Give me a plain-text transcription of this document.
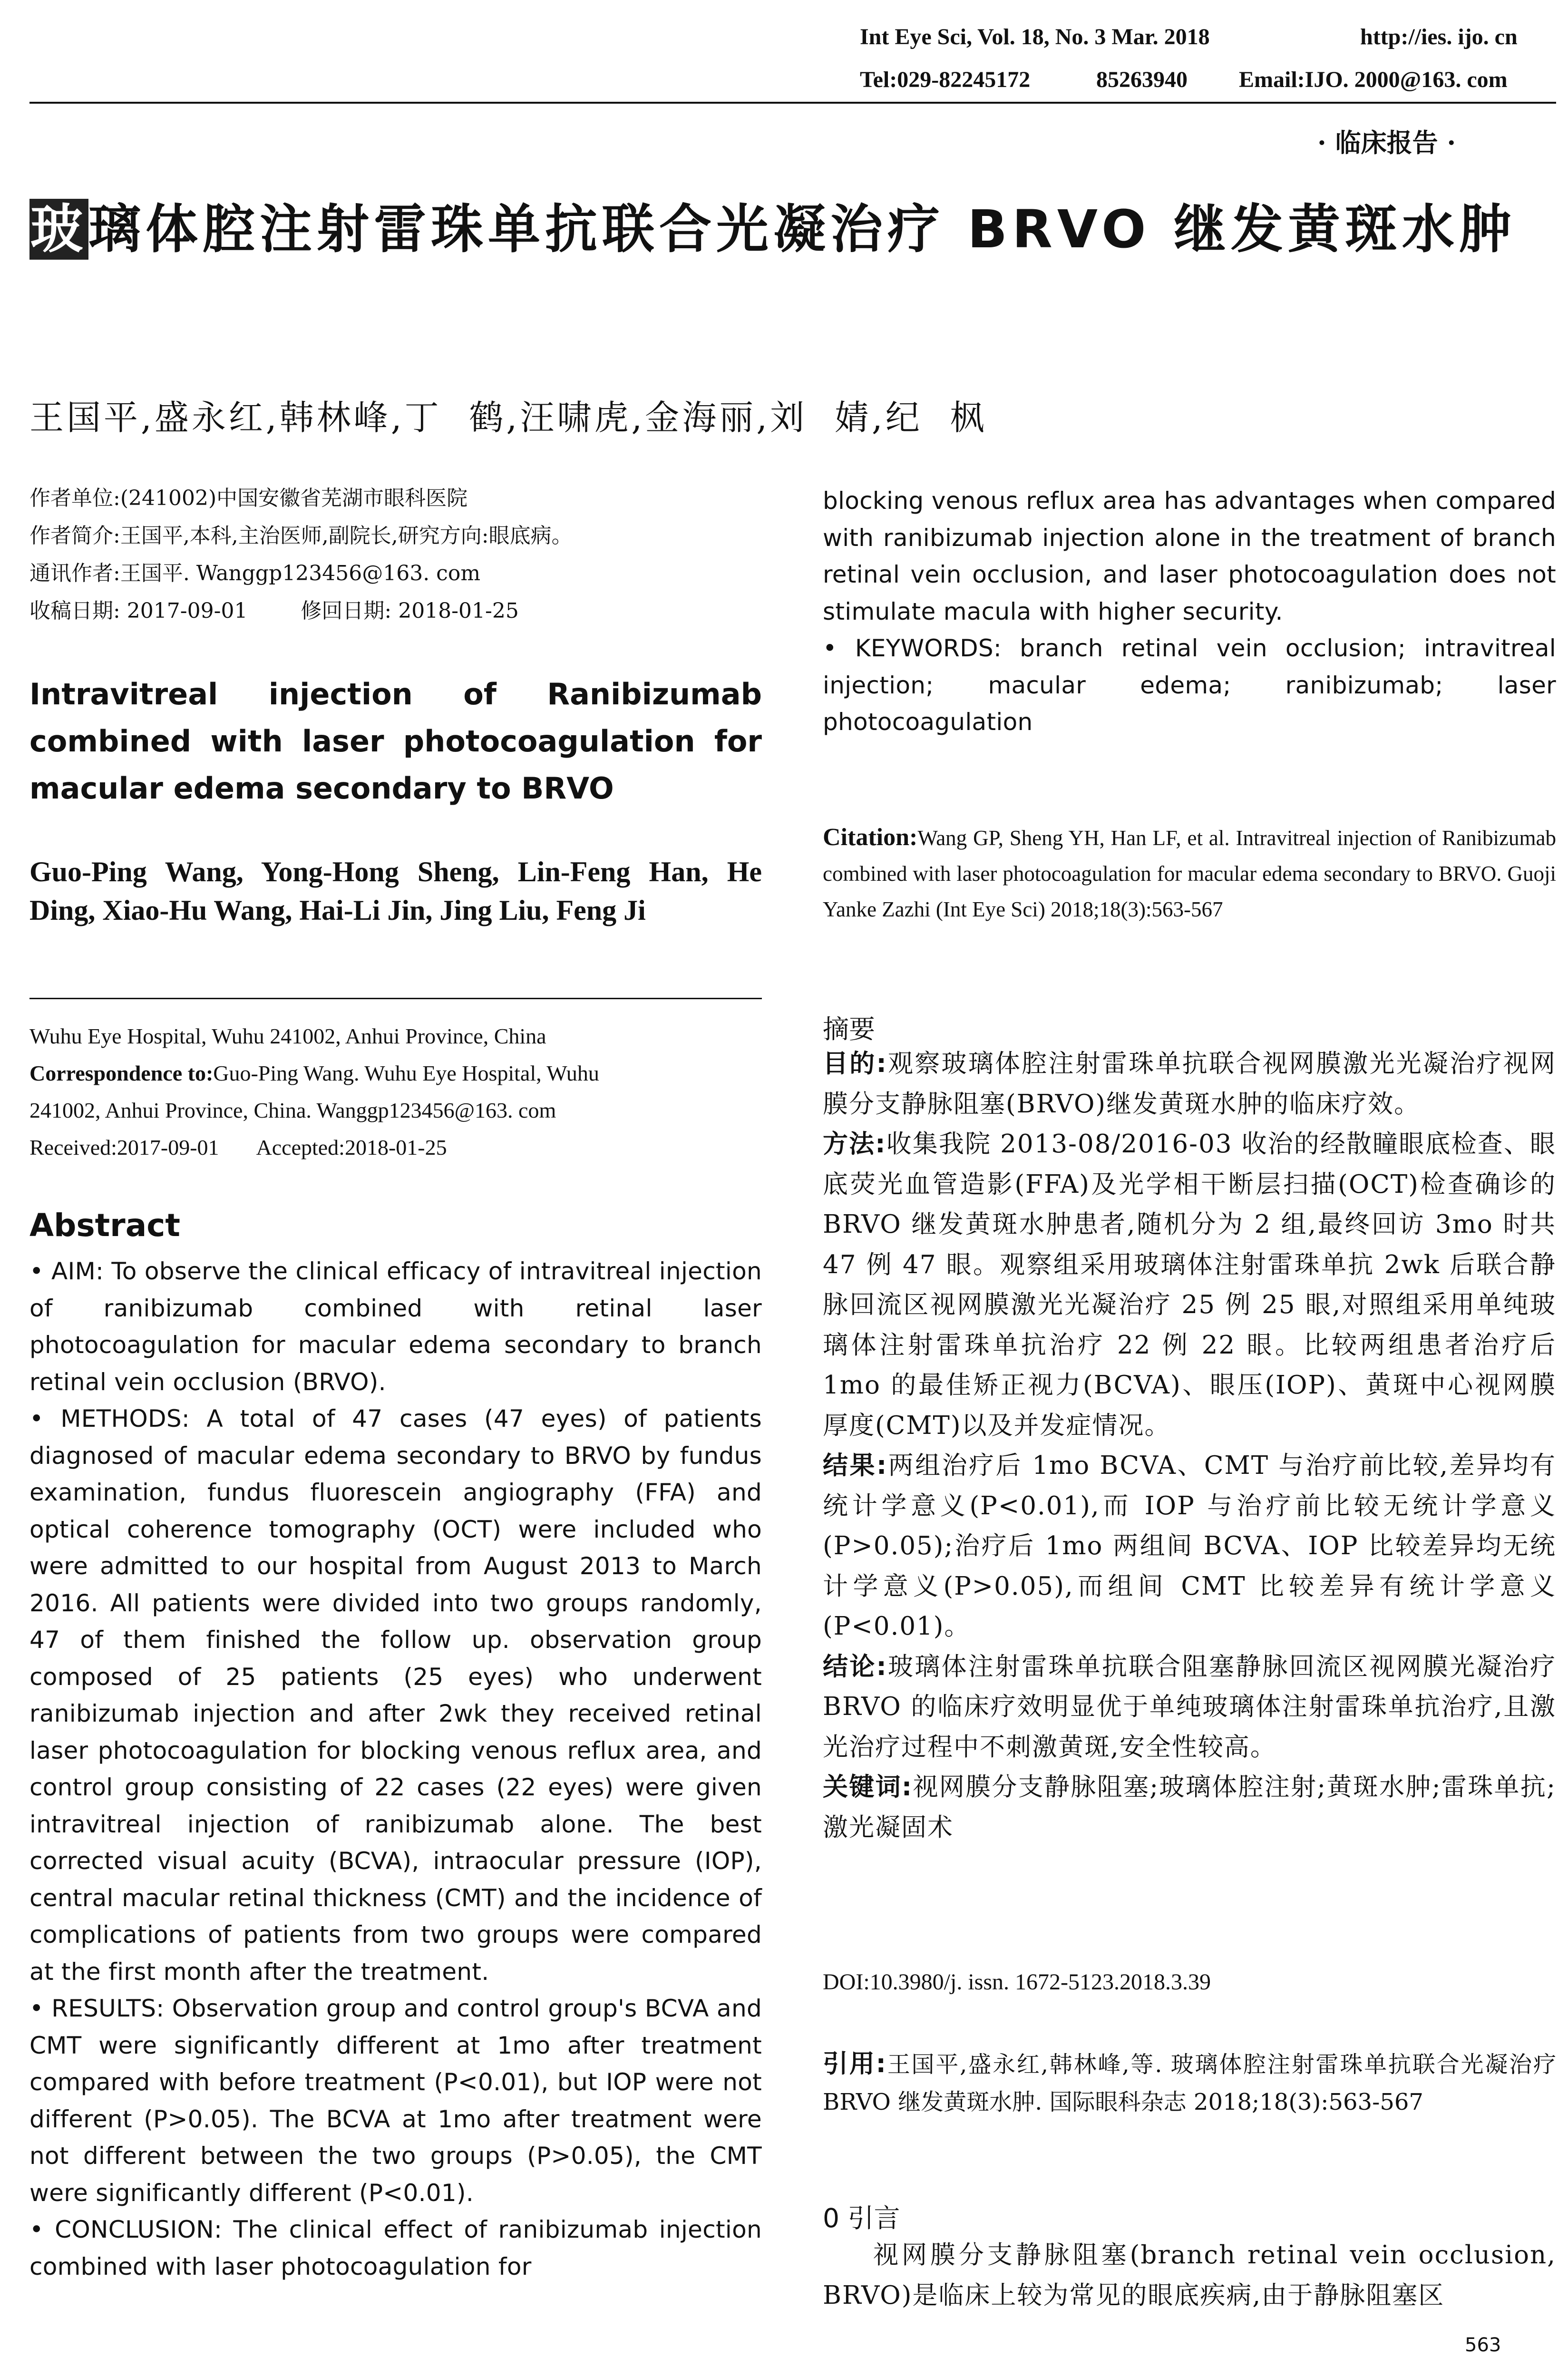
Int Eye Sci, Vol. 18, No. 3 Mar. 2018	http://ies. ijo. cn
Tel:029-82245172	85263940 Email:IJO. 2000@163. com
· 临床报告 ·
玻璃体腔注射雷珠单抗联合光凝治疗 BRVO 继发黄斑水肿
王国平,盛永红,韩林峰,丁  鹤,汪啸虎,金海丽,刘  婧,纪  枫
作者单位:(241002)中国安徽省芜湖市眼科医院
作者简介:王国平,本科,主治医师,副院长,研究方向:眼底病。
通讯作者:王国平. Wanggp123456@163. com
收稿日期: 2017-09-01        修回日期: 2018-01-25
Intravitreal injection of Ranibizumab combined with laser photocoagulation for macular edema secondary to BRVO
Guo-Ping Wang, Yong-Hong Sheng, Lin-Feng Han, He Ding, Xiao-Hu Wang, Hai-Li Jin, Jing Liu, Feng Ji
Wuhu Eye Hospital, Wuhu 241002, Anhui Province, China
Correspondence to:Guo-Ping Wang. Wuhu Eye Hospital, Wuhu
241002, Anhui Province, China. Wanggp123456@163. com
Received:2017-09-01       Accepted:2018-01-25
Abstract

• AIM: To observe the clinical efficacy of intravitreal injection of ranibizumab combined with retinal laser photocoagulation for macular edema secondary to branch retinal vein occlusion (BRVO).

• METHODS: A total of 47 cases (47 eyes) of patients diagnosed of macular edema secondary to BRVO by fundus examination, fundus fluorescein angiography (FFA) and optical coherence tomography (OCT) were included who were admitted to our hospital from August 2013 to March 2016. All patients were divided into two groups randomly, 47 of them finished the follow up. observation group composed of 25 patients (25 eyes) who underwent ranibizumab injection and after 2wk they received retinal laser photocoagulation for blocking venous reflux area, and control group consisting of 22 cases (22 eyes) were given intravitreal injection of ranibizumab alone. The best corrected visual acuity (BCVA), intraocular pressure (IOP), central macular retinal thickness (CMT) and the incidence of complications of patients from two groups were compared at the first month after the treatment.

• RESULTS: Observation group and control group's BCVA and CMT were significantly different at 1mo after treatment compared with before treatment (P<0.01), but IOP were not different (P>0.05). The BCVA at 1mo after treatment were not different between the two groups (P>0.05), the CMT were significantly different (P<0.01).

• CONCLUSION: The clinical effect of ranibizumab injection combined with laser photocoagulation for

blocking venous reflux area has advantages when compared with ranibizumab injection alone in the treatment of branch retinal vein occlusion, and laser photocoagulation does not stimulate macula with higher security.

• KEYWORDS: branch retinal vein occlusion; intravitreal injection; macular edema; ranibizumab; laser photocoagulation

Citation:Wang GP, Sheng YH, Han LF, et al. Intravitreal injection of Ranibizumab combined with laser photocoagulation for macular edema secondary to BRVO. Guoji Yanke Zazhi (Int Eye Sci) 2018;18(3):563-567
摘要

目的:观察玻璃体腔注射雷珠单抗联合视网膜激光光凝治疗视网膜分支静脉阻塞(BRVO)继发黄斑水肿的临床疗效。

方法:收集我院 2013-08/2016-03 收治的经散瞳眼底检查、眼底荧光血管造影(FFA)及光学相干断层扫描(OCT)检查确诊的 BRVO 继发黄斑水肿患者,随机分为 2 组,最终回访 3mo 时共 47 例 47 眼。观察组采用玻璃体注射雷珠单抗 2wk 后联合静脉回流区视网膜激光光凝治疗 25 例 25 眼,对照组采用单纯玻璃体注射雷珠单抗治疗 22 例 22 眼。比较两组患者治疗后 1mo 的最佳矫正视力(BCVA)、眼压(IOP)、黄斑中心视网膜厚度(CMT)以及并发症情况。

结果:两组治疗后 1mo BCVA、CMT 与治疗前比较,差异均有统计学意义(P<0.01),而 IOP 与治疗前比较无统计学意义(P>0.05);治疗后 1mo 两组间 BCVA、IOP 比较差异均无统计学意义(P>0.05),而组间 CMT 比较差异有统计学意义(P<0.01)。

结论:玻璃体注射雷珠单抗联合阻塞静脉回流区视网膜光凝治疗 BRVO 的临床疗效明显优于单纯玻璃体注射雷珠单抗治疗,且激光治疗过程中不刺激黄斑,安全性较高。

关键词:视网膜分支静脉阻塞;玻璃体腔注射;黄斑水肿;雷珠单抗;激光凝固术

DOI:10.3980/j. issn. 1672-5123.2018.3.39
引用:王国平,盛永红,韩林峰,等. 玻璃体腔注射雷珠单抗联合光凝治疗 BRVO 继发黄斑水肿. 国际眼科杂志 2018;18(3):563-567
0 引言
视网膜分支静脉阻塞(branch retinal vein occlusion, BRVO)是临床上较为常见的眼底疾病,由于静脉阻塞区
563
